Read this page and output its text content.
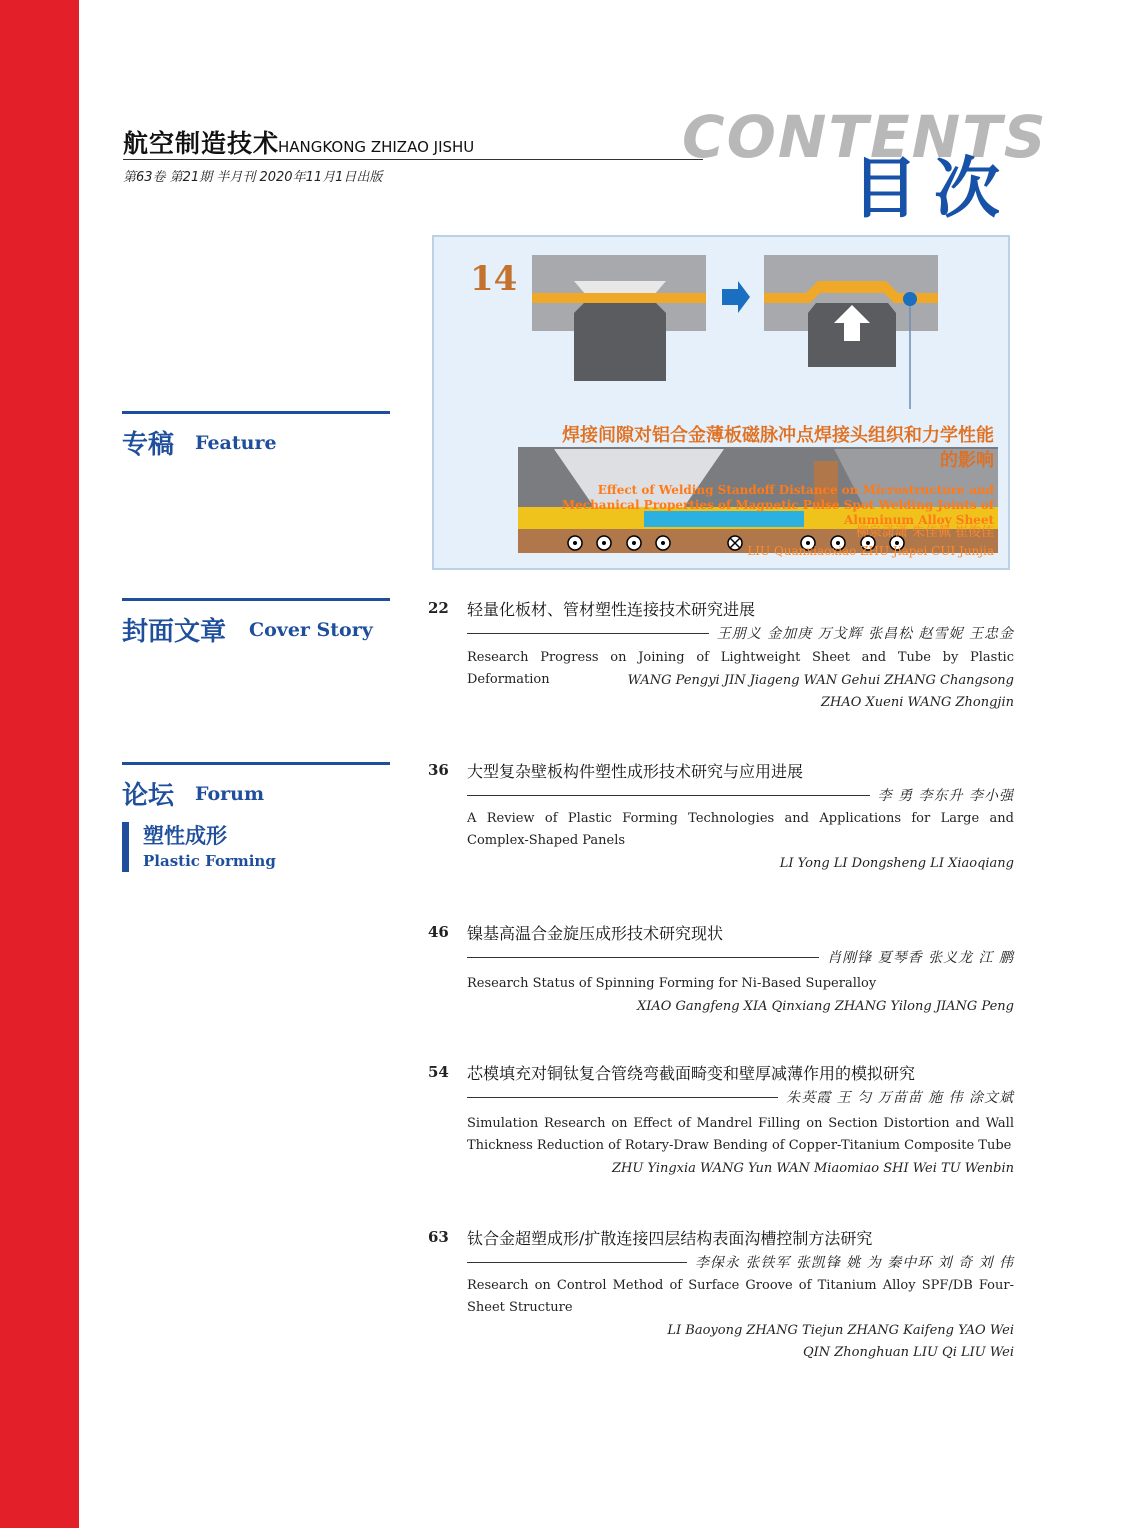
航空制造技术
HANGKONG ZHIZAO JISHU
第63卷 第21期 半月刊 2020年11月1日出版
CONTENTS
目次
专稿 Feature
封面文章 Cover Story
论坛 Forum
塑性成形
Plastic Forming
14
焊接间隙对铝合金薄板磁脉冲点焊接头组织和力学性能的影响
Effect of Welding Standoff Distance on Microstructure and Mechanical Properties of Magnetic Pulse Spot Welding Joints of Aluminum Alloy Sheet
柳泉潇潇 朱佳佩 崔俊佳
LIU Quanxiaoxiao ZHU Jiapei CUI Junjia
22 轻量化板材、管材塑性连接技术研究进展
王朋义 金加庚 万戈辉 张昌松 赵雪妮 王忠金
Research Progress on Joining of Lightweight Sheet and Tube by Plastic Deformation	WANG Pengyi JIN Jiageng WAN Gehui ZHANG Changsong
ZHAO Xueni WANG Zhongjin
36 大型复杂壁板构件塑性成形技术研究与应用进展
李 勇 李东升 李小强
A Review of Plastic Forming Technologies and Applications for Large and Complex-Shaped Panels
LI Yong LI Dongsheng LI Xiaoqiang
46 镍基高温合金旋压成形技术研究现状
肖刚锋 夏琴香 张义龙 江 鹏
Research Status of Spinning Forming for Ni-Based Superalloy
XIAO Gangfeng XIA Qinxiang ZHANG Yilong JIANG Peng
54 芯模填充对铜钛复合管绕弯截面畸变和壁厚减薄作用的模拟研究
朱英霞 王 匀 万苗苗 施 伟 涂文斌
Simulation Research on Effect of Mandrel Filling on Section Distortion and Wall Thickness Reduction of Rotary-Draw Bending of Copper-Titanium Composite Tube
ZHU Yingxia WANG Yun WAN Miaomiao SHI Wei TU Wenbin
63 钛合金超塑成形/扩散连接四层结构表面沟槽控制方法研究
李保永 张铁军 张凯锋 姚 为 秦中环 刘 奇 刘 伟
Research on Control Method of Surface Groove of Titanium Alloy SPF/DB Four-Sheet Structure
LI Baoyong ZHANG Tiejun ZHANG Kaifeng YAO Wei
QIN Zhonghuan LIU Qi LIU Wei
